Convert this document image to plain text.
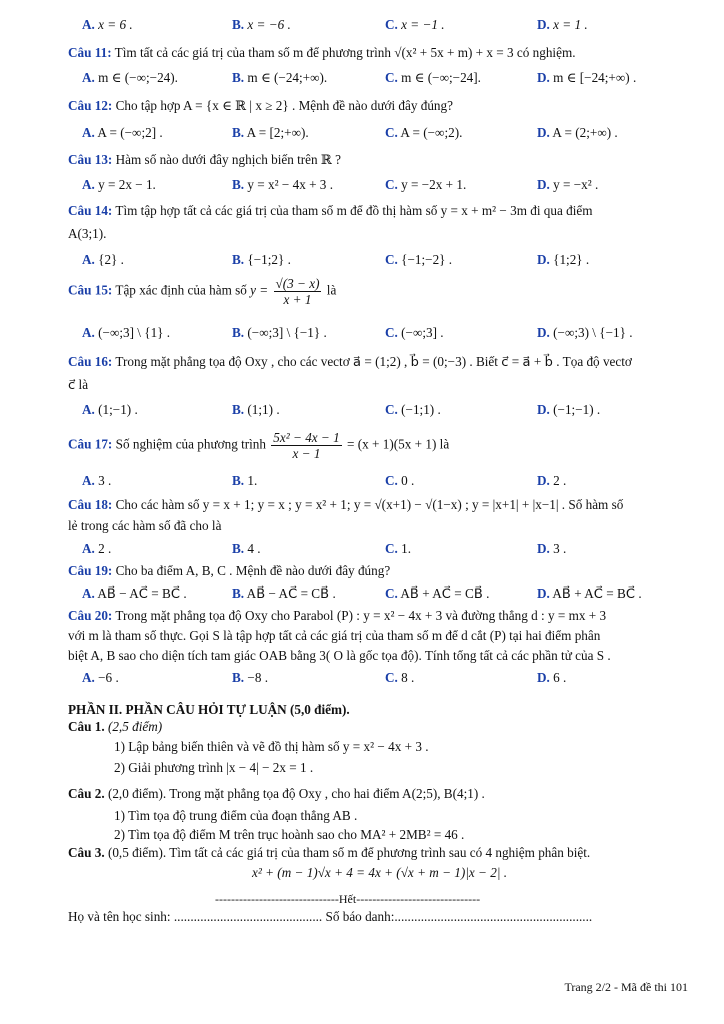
A. x = 6 .	B. x = −6 .	C. x = −1 .	D. x = 1 .
Câu 11: Tìm tất cả các giá trị của tham số m để phương trình √(x² + 5x + m) + x = 3 có nghiệm.
A. m ∈ (−∞;−24).	B. m ∈ (−24;+∞).	C. m ∈ (−∞;−24].	D. m ∈ [−24;+∞) .
Câu 12: Cho tập hợp A = {x ∈ ℝ | x ≥ 2} . Mệnh đề nào dưới đây đúng?
A. A = (−∞;2] .	B. A = [2;+∞).	C. A = (−∞;2).	D. A = (2;+∞) .
Câu 13: Hàm số nào dưới đây nghịch biến trên ℝ ?
A. y = 2x − 1.	B. y = x² − 4x + 3 .	C. y = −2x + 1.	D. y = −x² .
Câu 14: Tìm tập hợp tất cả các giá trị của tham số m để đồ thị hàm số y = x + m² − 3m đi qua điểm
A(3;1).
A. {2} .	B. {−1;2} .	C. {−1;−2} .	D. {1;2} .
Câu 15: Tập xác định của hàm số $y = \frac{√(3 - x)}{x + 1}$ là
A. (−∞;3] \ {1} .	B. (−∞;3] \ {−1} .	C. (−∞;3] .	D. (−∞;3) \ {−1} .
Câu 16: Trong mặt phẳng tọa độ Oxy , cho các vectơ a⃗ = (1;2) , b⃗ = (0;−3) . Biết c⃗ = a⃗ + b⃗ . Tọa độ vectơ
c⃗ là
A. (1;−1) .	B. (1;1) .	C. (−1;1) .	D. (−1;−1) .
Câu 17: Số nghiệm của phương trình $\frac{\text{5x² − 4x − 1}}{x - 1} = (x + 1)(5x + 1)$ là
A. 3 .	B. 1.	C. 0 .	D. 2 .
Câu 18: Cho các hàm số y = x + 1; y = x ; y = x² + 1; y = √(x+1) − √(1−x) ; y = |x+1| + |x−1| . Số hàm số
lẻ trong các hàm số đã cho là
A. 2 .	B. 4 .	C. 1.	D. 3 .
Câu 19: Cho ba điểm A, B, C . Mệnh đề nào dưới đây đúng?
A. AB⃗ − AC⃗ = BC⃗ .	B. AB⃗ − AC⃗ = CB⃗ .	C. AB⃗ + AC⃗ = CB⃗ .	D. AB⃗ + AC⃗ = BC⃗ .
Câu 20: Trong mặt phẳng tọa độ Oxy cho Parabol (P) : y = x² − 4x + 3 và đường thẳng d : y = mx + 3
với m là tham số thực. Gọi S là tập hợp tất cả các giá trị của tham số m để d cắt (P) tại hai điểm phân
biệt A, B sao cho diện tích tam giác OAB bằng 3( O là gốc tọa độ). Tính tổng tất cả các phần tử của S .
A. −6 .	B. −8 .	C. 8 .	D. 6 .
PHẦN II. PHẦN CÂU HỎI TỰ LUẬN (5,0 điểm).
Câu 1. (2,5 điểm)
1) Lập bảng biến thiên và vẽ đồ thị hàm số y = x² − 4x + 3 .
2) Giải phương trình |x − 4| − 2x = 1 .
Câu 2. (2,0 điểm). Trong mặt phẳng tọa độ Oxy , cho hai điểm A(2;5), B(4;1) .
1) Tìm tọa độ trung điểm của đoạn thẳng AB .
2) Tìm tọa độ điểm M trên trục hoành sao cho MA² + 2MB² = 46 .
Câu 3. (0,5 điểm). Tìm tất cả các giá trị của tham số m để phương trình sau có 4 nghiệm phân biệt.
x² + (m − 1)√x + 4 = 4x + (√x + m − 1)|x − 2| .
-------------------------------Hết-------------------------------
Họ và tên học sinh: ............................................. Số báo danh:............................................................
Trang 2/2 - Mã đề thi 101
